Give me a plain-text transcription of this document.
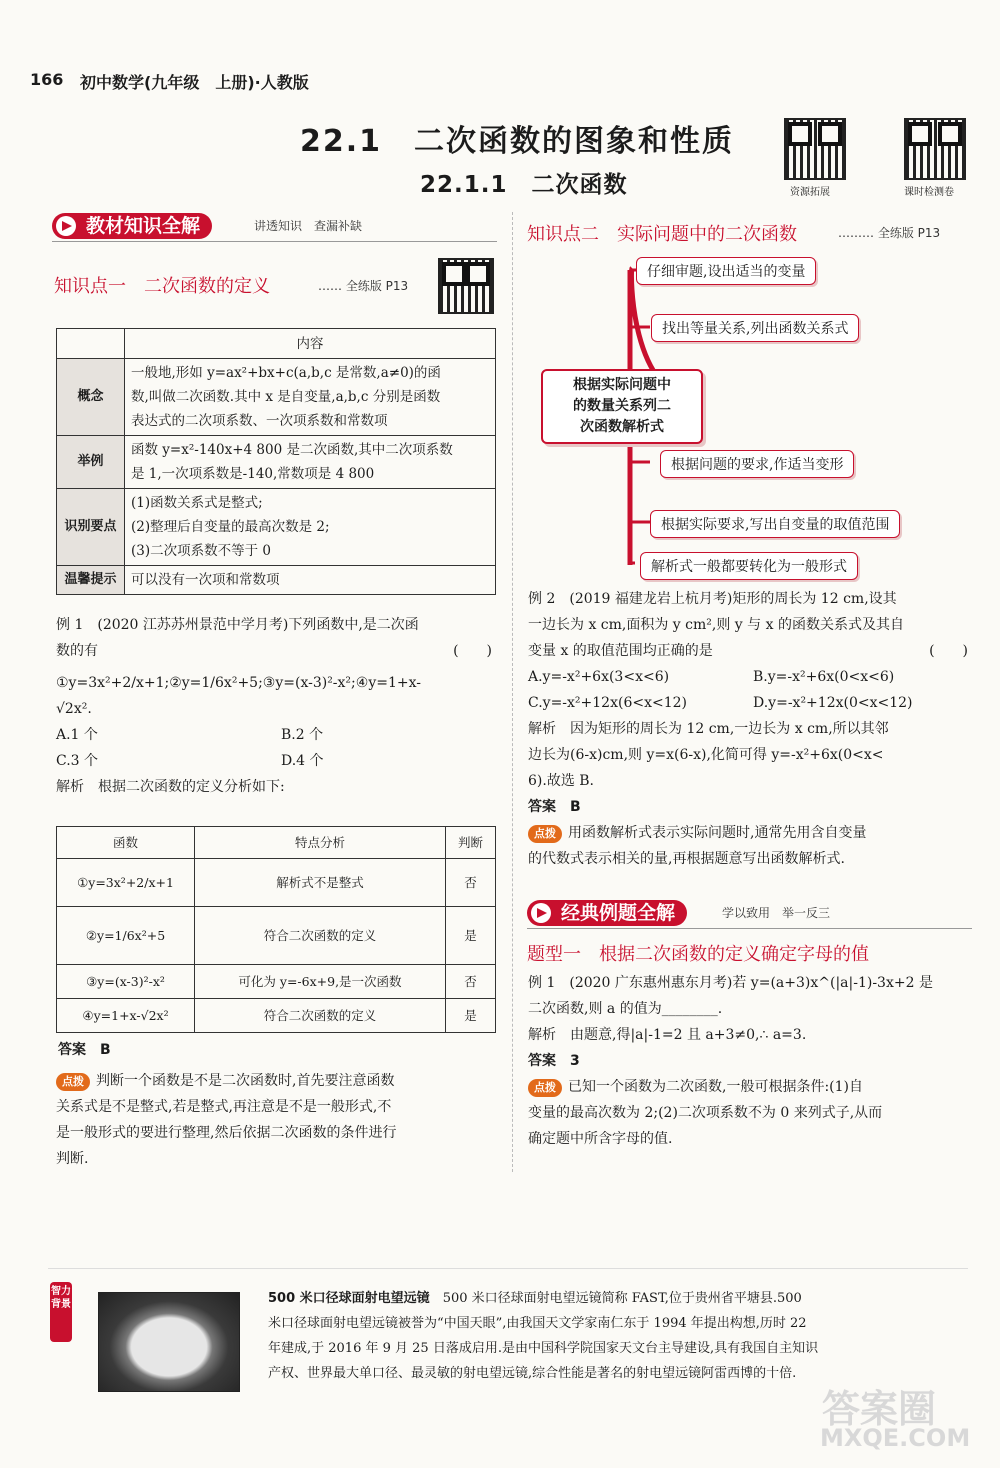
166 初中数学(九年级　上册)·人教版
22.1　二次函数的图象和性质
22.1.1　二次函数	资源拓展	课时检测卷
教材知识全解	讲透知识　查漏补缺
知识点一　二次函数的定义	…… 全练版 P13
	内容
概念	一般地,形如 y=ax²+bx+c(a,b,c 是常数,a≠0)的函
数,叫做二次函数.其中 x 是自变量,a,b,c 分别是函数
表达式的二次项系数、一次项系数和常数项

举例	函数 y=x²-140x+4 800 是二次函数,其中二次项系数
是 1,一次项系数是-140,常数项是 4 800

识别要点	(1)函数关系式是整式;
(2)整理后自变量的最高次数是 2;
(3)二次项系数不等于 0

温馨提示	可以没有一次项和常数项
例 1　(2020 江苏苏州景范中学月考)下列函数中,是二次函
数的有	(　　)
①y=3x²+2/x+1;②y=1/6x²+5;③y=(x-3)²-x²;④y=1+x-
√2x².
A.1 个	B.2 个
C.3 个	D.4 个
解析　根据二次函数的定义分析如下:
函数	特点分析	判断
①y=3x²+2/x+1	解析式不是整式	否
②y=1/6x²+5	符合二次函数的定义	是
③y=(x-3)²-x²	可化为 y=-6x+9,是一次函数	否
④y=1+x-√2x²	符合二次函数的定义	是
答案　B
点拨 判断一个函数是不是二次函数时,首先要注意函数
关系式是不是整式,若是整式,再注意是不是一般形式,不
是一般形式的要进行整理,然后依据二次函数的条件进行
判断.
知识点二　实际问题中的二次函数	……… 全练版 P13
仔细审题,设出适当的变量
找出等量关系,列出函数关系式
根据实际问题中
的数量关系列二
次函数解析式
根据问题的要求,作适当变形
根据实际要求,写出自变量的取值范围
解析式一般都要转化为一般形式
例 2　(2019 福建龙岩上杭月考)矩形的周长为 12 cm,设其
一边长为 x cm,面积为 y cm²,则 y 与 x 的函数关系式及其自
变量 x 的取值范围均正确的是	(　　)
A.y=-x²+6x(3<x<6)	B.y=-x²+6x(0<x<6)
C.y=-x²+12x(6<x<12)	D.y=-x²+12x(0<x<12)
解析　因为矩形的周长为 12 cm,一边长为 x cm,所以其邻
边长为(6-x)cm,则 y=x(6-x),化简可得 y=-x²+6x(0<x<
6).故选 B.
答案　B
点拨 用函数解析式表示实际问题时,通常先用含自变量
的代数式表示相关的量,再根据题意写出函数解析式.
经典例题全解	学以致用　举一反三
题型一　根据二次函数的定义确定字母的值
例 1　(2020 广东惠州惠东月考)若 y=(a+3)x^(|a|-1)-3x+2 是
二次函数,则 a 的值为________.
解析　由题意,得|a|-1=2 且 a+3≠0,∴ a=3.
答案　3
点拨 已知一个函数为二次函数,一般可根据条件:(1)自
变量的最高次数为 2;(2)二次项系数不为 0 来列式子,从而
确定题中所含字母的值.
智力背景	500 米口径球面射电望远镜　 500 米口径球面射电望远镜简称 FAST,位于贵州省平塘县.500
米口径球面射电望远镜被誉为“中国天眼”,由我国天文学家南仁东于 1994 年提出构想,历时 22
年建成,于 2016 年 9 月 25 日落成启用.是由中国科学院国家天文台主导建设,具有我国自主知识
产权、世界最大单口径、最灵敏的射电望远镜,综合性能是著名的射电望远镜阿雷西博的十倍.
答案圈
MXQE.COM
